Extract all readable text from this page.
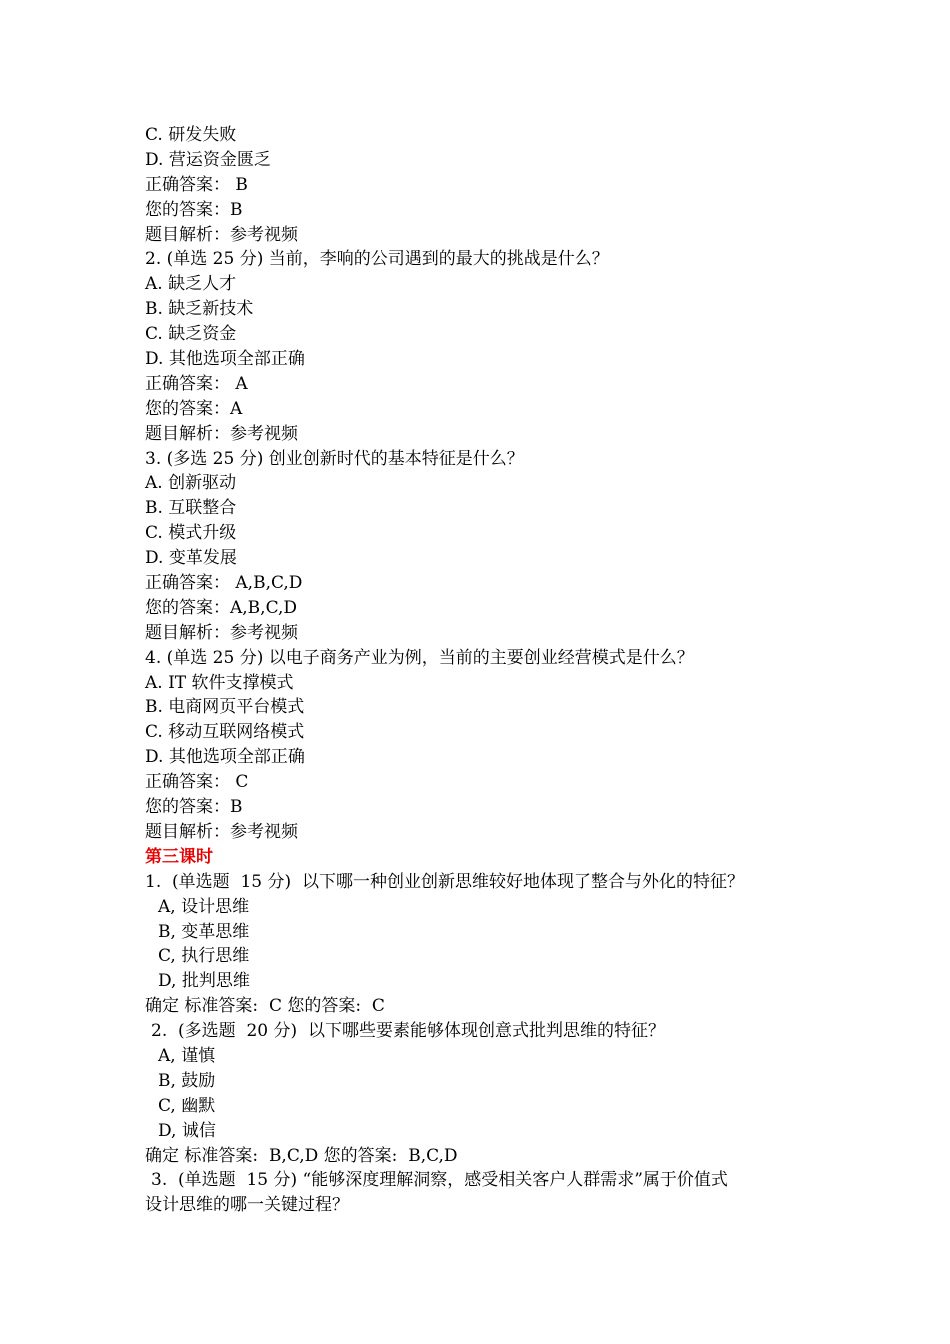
C. 研发失败
D. 营运资金匮乏
正确答案： B
您的答案：B
题目解析：参考视频
2. (单选 25 分) 当前，李响的公司遇到的最大的挑战是什么？
A. 缺乏人才
B. 缺乏新技术
C. 缺乏资金
D. 其他选项全部正确
正确答案： A
您的答案：A
题目解析：参考视频
3. (多选 25 分) 创业创新时代的基本特征是什么？
A. 创新驱动
B. 互联整合
C. 模式升级
D. 变革发展
正确答案： A,B,C,D
您的答案：A,B,C,D
题目解析：参考视频
4. (单选 25 分) 以电子商务产业为例，当前的主要创业经营模式是什么？
A. IT 软件支撑模式
B. 电商网页平台模式
C. 移动互联网络模式
D. 其他选项全部正确
正确答案： C
您的答案：B
题目解析：参考视频
第三课时
1.  (单选题  15 分)  以下哪一种创业创新思维较好地体现了整合与外化的特征？
A, 设计思维
B, 变革思维
C, 执行思维
D, 批判思维
确定 标准答案:  C 您的答案:  C
2.  (多选题  20 分)  以下哪些要素能够体现创意式批判思维的特征？
A, 谨慎
B, 鼓励
C, 幽默
D, 诚信
确定 标准答案:  B,C,D 您的答案:  B,C,D
3.  (单选题  15 分) “能够深度理解洞察，感受相关客户人群需求”属于价值式
设计思维的哪一关键过程？
